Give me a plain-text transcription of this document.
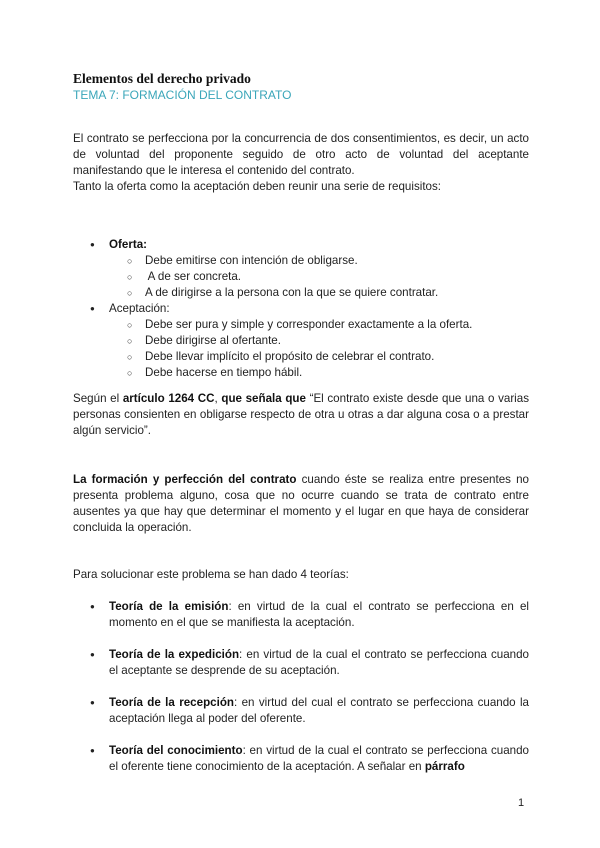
Elementos del derecho privado
TEMA 7: FORMACIÓN DEL CONTRATO

El contrato se perfecciona por la concurrencia de dos consentimientos, es decir, un acto de voluntad del proponente seguido de otro acto de voluntad del aceptante manifestando que le interesa el contenido del contrato.

Tanto la oferta como la aceptación deben reunir una serie de requisitos:

● Oferta:
○ Debe emitirse con intención de obligarse.
○  A de ser concreta.
○ A de dirigirse a la persona con la que se quiere contratar.
● Aceptación:
○ Debe ser pura y simple y corresponder exactamente a la oferta.
○ Debe dirigirse al ofertante.
○ Debe llevar implícito el propósito de celebrar el contrato.
○ Debe hacerse en tiempo hábil.

Según el artículo 1264 CC, que señala que “El contrato existe desde que una o varias personas consienten en obligarse respecto de otra u otras a dar alguna cosa o a prestar algún servicio”.

La formación y perfección del contrato cuando éste se realiza entre presentes no presenta problema alguno, cosa que no ocurre cuando se trata de contrato entre ausentes ya que hay que determinar el momento y el lugar en que haya de considerar concluida la operación.

Para solucionar este problema se han dado 4 teorías:
● Teoría de la emisión: en virtud de la cual el contrato se perfecciona en el momento en el que se manifiesta la aceptación.
● Teoría de la expedición: en virtud de la cual el contrato se perfecciona cuando el aceptante se desprende de su aceptación.
● Teoría de la recepción: en virtud del cual el contrato se perfecciona cuando la aceptación llega al poder del oferente.
● Teoría del conocimiento: en virtud de la cual el contrato se perfecciona cuando el oferente tiene conocimiento de la aceptación. A señalar en párrafo
1
